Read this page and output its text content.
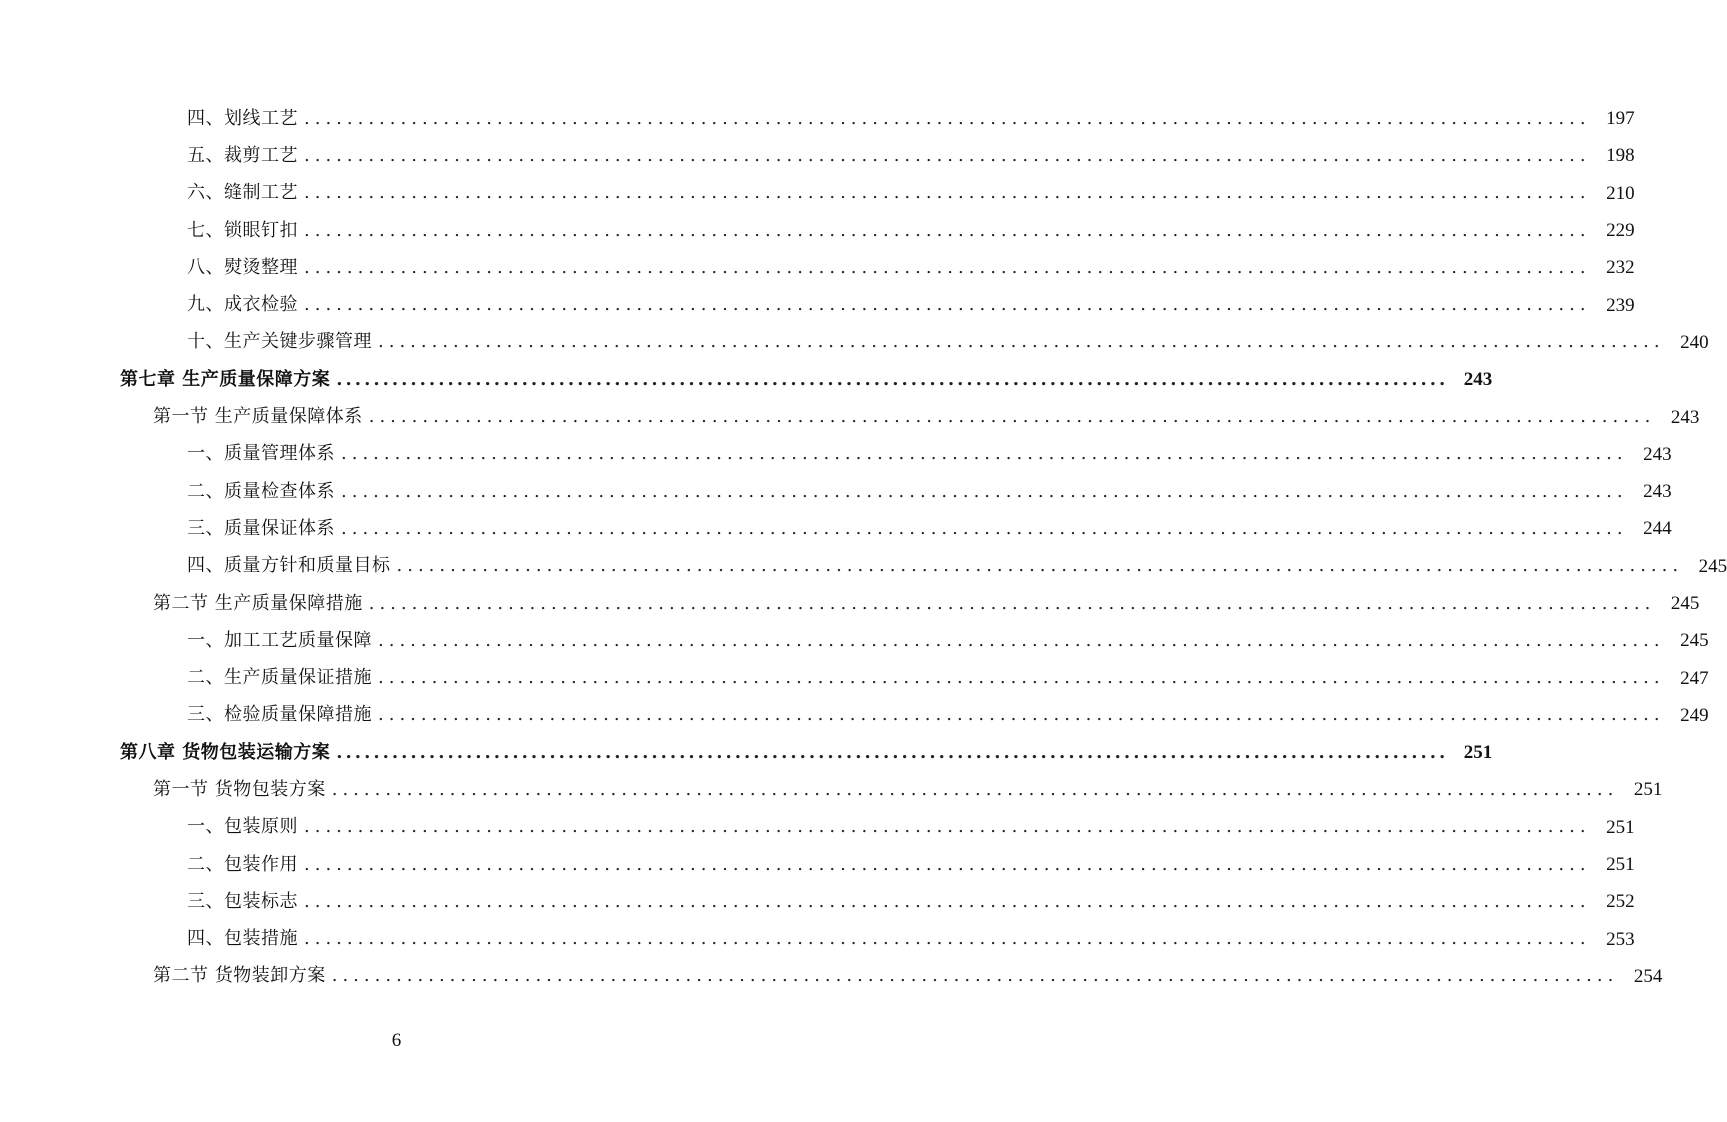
四、划线工艺 ........................................................................................................................ 197
五、裁剪工艺 ........................................................................................................................ 198
六、缝制工艺 ........................................................................................................................ 210
七、锁眼钉扣 ........................................................................................................................ 229
八、熨烫整理 ........................................................................................................................ 232
九、成衣检验 ........................................................................................................................ 239
十、生产关键步骤管理 ........................................................................................................................ 240
第七章 生产质量保障方案 ........................................................................................................................ 243
第一节 生产质量保障体系 ........................................................................................................................ 243
一、质量管理体系 ........................................................................................................................ 243
二、质量检查体系 ........................................................................................................................ 243
三、质量保证体系 ........................................................................................................................ 244
四、质量方针和质量目标 ........................................................................................................................ 245
第二节 生产质量保障措施 ........................................................................................................................ 245
一、加工工艺质量保障 ........................................................................................................................ 245
二、生产质量保证措施 ........................................................................................................................ 247
三、检验质量保障措施 ........................................................................................................................ 249
第八章 货物包装运输方案 ........................................................................................................................ 251
第一节 货物包装方案 ........................................................................................................................ 251
一、包装原则 ........................................................................................................................ 251
二、包装作用 ........................................................................................................................ 251
三、包装标志 ........................................................................................................................ 252
四、包装措施 ........................................................................................................................ 253
第二节 货物装卸方案 ........................................................................................................................ 254
6
